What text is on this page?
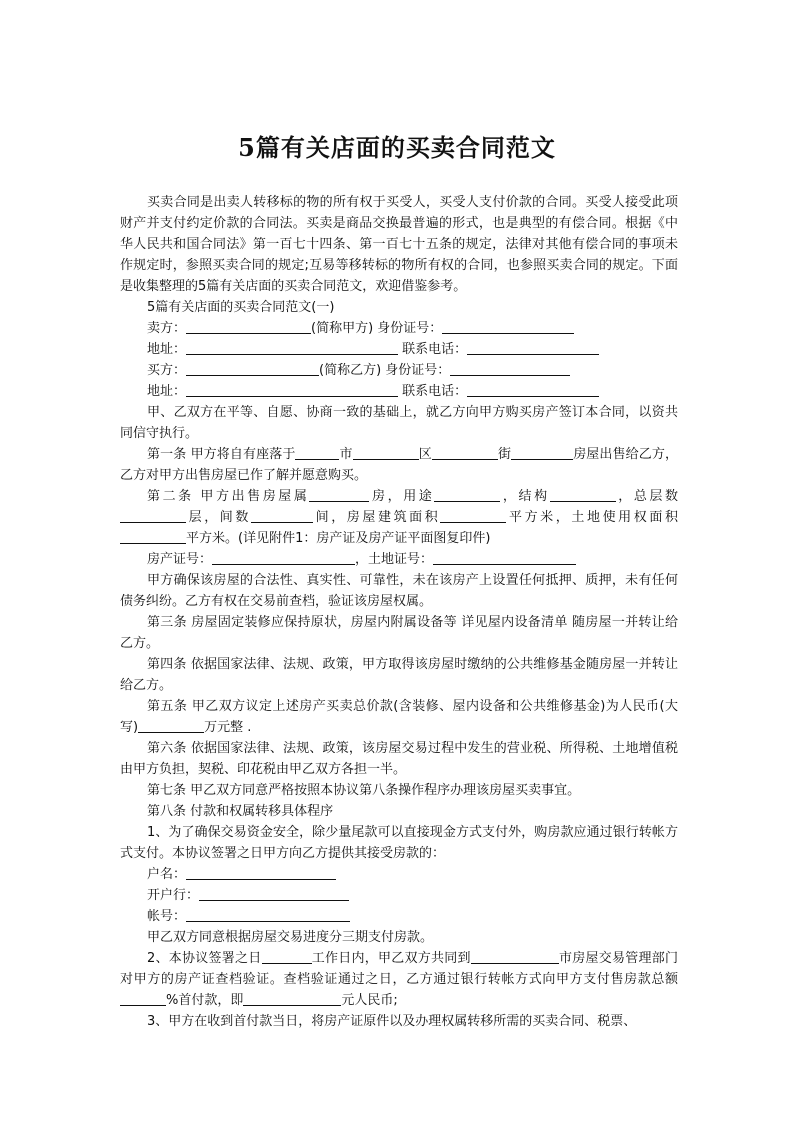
5篇有关店面的买卖合同范文

买卖合同是出卖人转移标的物的所有权于买受人，买受人支付价款的合同。买受人接受此项财产并支付约定价款的合同法。买卖是商品交换最普遍的形式，也是典型的有偿合同。根据《中华人民共和国合同法》第一百七十四条、第一百七十五条的规定，法律对其他有偿合同的事项未作规定时，参照买卖合同的规定;互易等移转标的物所有权的合同，也参照买卖合同的规定。下面是收集整理的5篇有关店面的买卖合同范文，欢迎借鉴参考。

5篇有关店面的买卖合同范文(一)

卖方：	(简称甲方) 身份证号：

地址：	联系电话：

买方：	(简称乙方) 身份证号：

地址：	联系电话：

甲、乙双方在平等、自愿、协商一致的基础上，就乙方向甲方购买房产签订本合同，以资共同信守执行。

第一条 甲方将自有座落于	市	区	街	房屋出售给乙方，乙方对甲方出售房屋已作了解并愿意购买。

第二条 甲方出售房屋属	房，用途	，结构	，总层数层，间数	间，房屋建筑面积	平方米，土地使用权面积平方米。(详见附件1：房产证及房产证平面图复印件)

房产证号：	，土地证号：

甲方确保该房屋的合法性、真实性、可靠性，未在该房产上设置任何抵押、质押，未有任何债务纠纷。乙方有权在交易前查档，验证该房屋权属。

第三条 房屋固定装修应保持原状，房屋内附属设备等 详见屋内设备清单 随房屋一并转让给乙方。

第四条 依据国家法律、法规、政策，甲方取得该房屋时缴纳的公共维修基金随房屋一并转让给乙方。

第五条 甲乙双方议定上述房产买卖总价款(含装修、屋内设备和公共维修基金)为人民币(大写)	万元整 .

第六条 依据国家法律、法规、政策，该房屋交易过程中发生的营业税、所得税、土地增值税由甲方负担，契税、印花税由甲乙双方各担一半。

第七条 甲乙双方同意严格按照本协议第八条操作程序办理该房屋买卖事宜。

第八条 付款和权属转移具体程序

1、为了确保交易资金安全，除少量尾款可以直接现金方式支付外，购房款应通过银行转帐方式支付。本协议签署之日甲方向乙方提供其接受房款的：

户名：

开户行：

帐号：

甲乙双方同意根据房屋交易进度分三期支付房款。

2、本协议签署之日	工作日内，甲乙双方共同到	市房屋交易管理部门对甲方的房产证查档验证。查档验证通过之日，乙方通过银行转帐方式向甲方支付售房款总额%首付款，即	元人民币;

3、甲方在收到首付款当日，将房产证原件以及办理权属转移所需的买卖合同、税票、
